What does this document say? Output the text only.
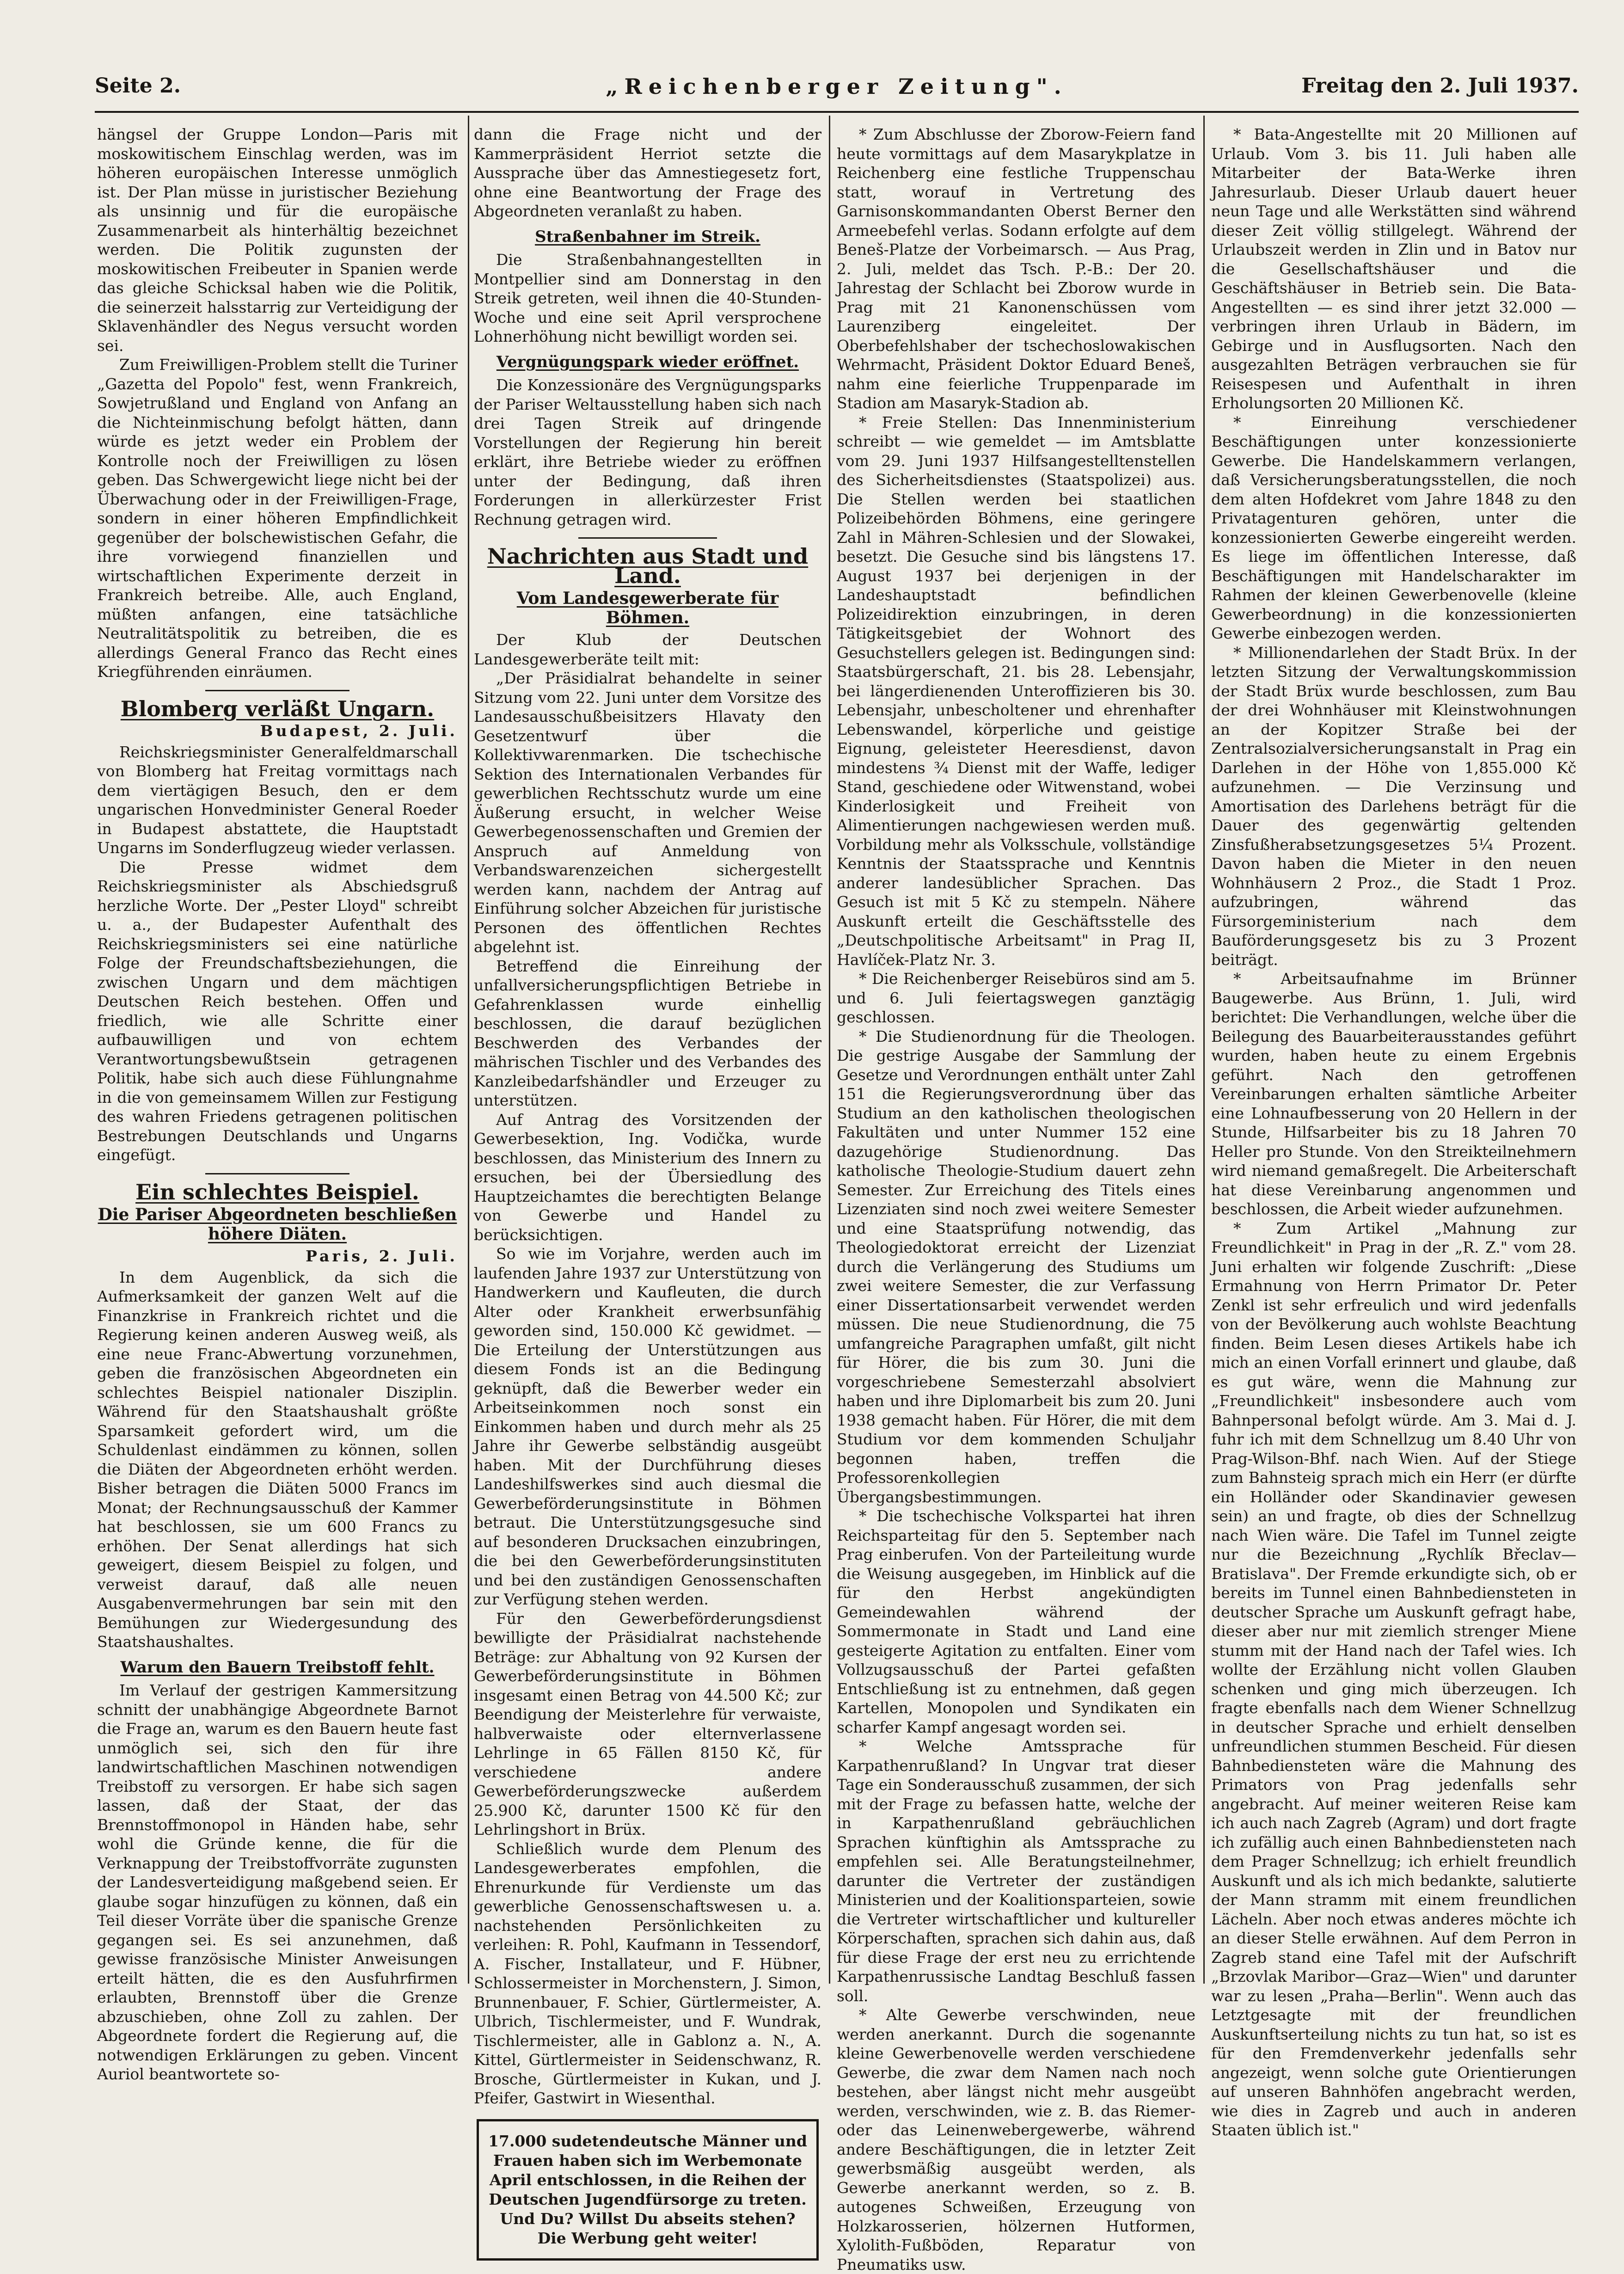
Seite 2.	„Reichenberger Zeitung".	Freitag den 2. Juli 1937.

hängsel der Gruppe London—Paris mit moskowitischem Einschlag werden, was im höheren europäischen Interesse unmöglich ist. Der Plan müsse in juristischer Beziehung als unsinnig und für die europäische Zusammenarbeit als hinterhältig bezeichnet werden. Die Politik zugunsten der moskowitischen Freibeuter in Spanien werde das gleiche Schicksal haben wie die Politik, die seinerzeit halsstarrig zur Verteidigung der Sklavenhändler des Negus versucht worden sei.

Zum Freiwilligen-Problem stellt die Turiner „Gazetta del Popolo" fest, wenn Frankreich, Sowjetrußland und England von Anfang an die Nichteinmischung befolgt hätten, dann würde es jetzt weder ein Problem der Kontrolle noch der Freiwilligen zu lösen geben. Das Schwergewicht liege nicht bei der Überwachung oder in der Freiwilligen-Frage, sondern in einer höheren Empfindlichkeit gegenüber der bolschewistischen Gefahr, die ihre vorwiegend finanziellen und wirtschaftlichen Experimente derzeit in Frankreich betreibe. Alle, auch England, müßten anfangen, eine tatsächliche Neutralitätspolitik zu betreiben, die es allerdings General Franco das Recht eines Kriegführenden einräumen.

Blomberg verläßt Ungarn.
Budapest, 2. Juli.

Reichskriegsminister Generalfeldmarschall von Blomberg hat Freitag vormittags nach dem viertägigen Besuch, den er dem ungarischen Honvedminister General Roeder in Budapest abstattete, die Hauptstadt Ungarns im Sonderflugzeug wieder verlassen.

Die Presse widmet dem Reichskriegsminister als Abschiedsgruß herzliche Worte. Der „Pester Lloyd" schreibt u. a., der Budapester Aufenthalt des Reichskriegsministers sei eine natürliche Folge der Freundschaftsbeziehungen, die zwischen Ungarn und dem mächtigen Deutschen Reich bestehen. Offen und friedlich, wie alle Schritte einer aufbauwilligen und von echtem Verantwortungsbewußtsein getragenen Politik, habe sich auch diese Fühlungnahme in die von gemeinsamem Willen zur Festigung des wahren Friedens getragenen politischen Bestrebungen Deutschlands und Ungarns eingefügt.

Ein schlechtes Beispiel.
Die Pariser Abgeordneten beschließen höhere Diäten.
Paris, 2. Juli.

In dem Augenblick, da sich die Aufmerksamkeit der ganzen Welt auf die Finanzkrise in Frankreich richtet und die Regierung keinen anderen Ausweg weiß, als eine neue Franc-Abwertung vorzunehmen, geben die französischen Abgeordneten ein schlechtes Beispiel nationaler Disziplin. Während für den Staatshaushalt größte Sparsamkeit gefordert wird, um die Schuldenlast eindämmen zu können, sollen die Diäten der Abgeordneten erhöht werden. Bisher betragen die Diäten 5000 Francs im Monat; der Rechnungsausschuß der Kammer hat beschlossen, sie um 600 Francs zu erhöhen. Der Senat allerdings hat sich geweigert, diesem Beispiel zu folgen, und verweist darauf, daß alle neuen Ausgabenvermehrungen bar sein mit den Bemühungen zur Wiedergesundung des Staatshaushaltes.

Warum den Bauern Treibstoff fehlt.

Im Verlauf der gestrigen Kammersitzung schnitt der unabhängige Abgeordnete Barnot die Frage an, warum es den Bauern heute fast unmöglich sei, sich den für ihre landwirtschaftlichen Maschinen notwendigen Treibstoff zu versorgen. Er habe sich sagen lassen, daß der Staat, der das Brennstoffmonopol in Händen habe, sehr wohl die Gründe kenne, die für die Verknappung der Treibstoffvorräte zugunsten der Landesverteidigung maßgebend seien. Er glaube sogar hinzufügen zu können, daß ein Teil dieser Vorräte über die spanische Grenze gegangen sei. Es sei anzunehmen, daß gewisse französische Minister Anweisungen erteilt hätten, die es den Ausfuhrfirmen erlaubten, Brennstoff über die Grenze abzuschieben, ohne Zoll zu zahlen. Der Abgeordnete fordert die Regierung auf, die notwendigen Erklärungen zu geben. Vincent Auriol beantwortete so-

dann die Frage nicht und der Kammerpräsident Herriot setzte die Aussprache über das Amnestiegesetz fort, ohne eine Beantwortung der Frage des Abgeordneten veranlaßt zu haben.

Straßenbahner im Streik.

Die Straßenbahnangestellten in Montpellier sind am Donnerstag in den Streik getreten, weil ihnen die 40-Stunden-Woche und eine seit April versprochene Lohnerhöhung nicht bewilligt worden sei.

Vergnügungspark wieder eröffnet.

Die Konzessionäre des Vergnügungsparks der Pariser Weltausstellung haben sich nach drei Tagen Streik auf dringende Vorstellungen der Regierung hin bereit erklärt, ihre Betriebe wieder zu eröffnen unter der Bedingung, daß ihren Forderungen in allerkürzester Frist Rechnung getragen wird.

Nachrichten aus Stadt und Land.
Vom Landesgewerberate für Böhmen.

Der Klub der Deutschen Landesgewerberäte teilt mit:

„Der Präsidialrat behandelte in seiner Sitzung vom 22. Juni unter dem Vorsitze des Landesausschußbeisitzers Hlavaty den Gesetzentwurf über die Kollektivwarenmarken. Die tschechische Sektion des Internationalen Verbandes für gewerblichen Rechtsschutz wurde um eine Äußerung ersucht, in welcher Weise Gewerbegenossenschaften und Gremien der Anspruch auf Anmeldung von Verbandswarenzeichen sichergestellt werden kann, nachdem der Antrag auf Einführung solcher Abzeichen für juristische Personen des öffentlichen Rechtes abgelehnt ist.

Betreffend die Einreihung der unfallversicherungspflichtigen Betriebe in Gefahrenklassen wurde einhellig beschlossen, die darauf bezüglichen Beschwerden des Verbandes der mährischen Tischler und des Verbandes des Kanzleibedarfshändler und Erzeuger zu unterstützen.

Auf Antrag des Vorsitzenden der Gewerbesektion, Ing. Vodička, wurde beschlossen, das Ministerium des Innern zu ersuchen, bei der Übersiedlung des Hauptzeichamtes die berechtigten Belange von Gewerbe und Handel zu berücksichtigen.

So wie im Vorjahre, werden auch im laufenden Jahre 1937 zur Unterstützung von Handwerkern und Kaufleuten, die durch Alter oder Krankheit erwerbsunfähig geworden sind, 150.000 Kč gewidmet. — Die Erteilung der Unterstützungen aus diesem Fonds ist an die Bedingung geknüpft, daß die Bewerber weder ein Arbeitseinkommen noch sonst ein Einkommen haben und durch mehr als 25 Jahre ihr Gewerbe selbständig ausgeübt haben. Mit der Durchführung dieses Landeshilfswerkes sind auch diesmal die Gewerbeförderungsinstitute in Böhmen betraut. Die Unterstützungsgesuche sind auf besonderen Drucksachen einzubringen, die bei den Gewerbeförderungsinstituten und bei den zuständigen Genossenschaften zur Verfügung stehen werden.

Für den Gewerbeförderungsdienst bewilligte der Präsidialrat nachstehende Beträge: zur Abhaltung von 92 Kursen der Gewerbeförderungsinstitute in Böhmen insgesamt einen Betrag von 44.500 Kč; zur Beendigung der Meisterlehre für verwaiste, halbverwaiste oder elternverlassene Lehrlinge in 65 Fällen 8150 Kč, für verschiedene andere Gewerbeförderungszwecke außerdem 25.900 Kč, darunter 1500 Kč für den Lehrlingshort in Brüx.

Schließlich wurde dem Plenum des Landesgewerberates empfohlen, die Ehrenurkunde für Verdienste um das gewerbliche Genossenschaftswesen u. a. nachstehenden Persönlichkeiten zu verleihen: R. Pohl, Kaufmann in Tessendorf, A. Fischer, Installateur, und F. Hübner, Schlossermeister in Morchenstern, J. Simon, Brunnenbauer, F. Schier, Gürtlermeister, A. Ulbrich, Tischlermeister, und F. Wundrak, Tischlermeister, alle in Gablonz a. N., A. Kittel, Gürtlermeister in Seidenschwanz, R. Brosche, Gürtlermeister in Kukan, und J. Pfeifer, Gastwirt in Wiesenthal.

17.000 sudetendeutsche Männer und Frauen haben sich im Werbemonate April entschlossen, in die Reihen der Deutschen Jugendfürsorge zu treten. Und Du? Willst Du abseits stehen? Die Werbung geht weiter!

* Zum Abschlusse der Zborow-Feiern fand heute vormittags auf dem Masarykplatze in Reichenberg eine festliche Truppenschau statt, worauf in Vertretung des Garnisonskommandanten Oberst Berner den Armeebefehl verlas. Sodann erfolgte auf dem Beneš-Platze der Vorbeimarsch. — Aus Prag, 2. Juli, meldet das Tsch. P.-B.: Der 20. Jahrestag der Schlacht bei Zborow wurde in Prag mit 21 Kanonenschüssen vom Laurenziberg eingeleitet. Der Oberbefehlshaber der tschechoslowakischen Wehrmacht, Präsident Doktor Eduard Beneš, nahm eine feierliche Truppenparade im Stadion am Masaryk-Stadion ab.

* Freie Stellen: Das Innenministerium schreibt — wie gemeldet — im Amtsblatte vom 29. Juni 1937 Hilfsangestelltenstellen des Sicherheitsdienstes (Staatspolizei) aus. Die Stellen werden bei staatlichen Polizeibehörden Böhmens, eine geringere Zahl in Mähren-Schlesien und der Slowakei, besetzt. Die Gesuche sind bis längstens 17. August 1937 bei derjenigen in der Landeshauptstadt befindlichen Polizeidirektion einzubringen, in deren Tätigkeitsgebiet der Wohnort des Gesuchstellers gelegen ist. Bedingungen sind: Staatsbürgerschaft, 21. bis 28. Lebensjahr, bei längerdienenden Unteroffizieren bis 30. Lebensjahr, unbescholtener und ehrenhafter Lebenswandel, körperliche und geistige Eignung, geleisteter Heeresdienst, davon mindestens ¾ Dienst mit der Waffe, lediger Stand, geschiedene oder Witwenstand, wobei Kinderlosigkeit und Freiheit von Alimentierungen nachgewiesen werden muß. Vorbildung mehr als Volksschule, vollständige Kenntnis der Staatssprache und Kenntnis anderer landesüblicher Sprachen. Das Gesuch ist mit 5 Kč zu stempeln. Nähere Auskunft erteilt die Geschäftsstelle des „Deutschpolitische Arbeitsamt" in Prag II, Havlíček-Platz Nr. 3.

* Die Reichenberger Reisebüros sind am 5. und 6. Juli feiertagswegen ganztägig geschlossen.

* Die Studienordnung für die Theologen. Die gestrige Ausgabe der Sammlung der Gesetze und Verordnungen enthält unter Zahl 151 die Regierungsverordnung über das Studium an den katholischen theologischen Fakultäten und unter Nummer 152 eine dazugehörige Studienordnung. Das katholische Theologie-Studium dauert zehn Semester. Zur Erreichung des Titels eines Lizenziaten sind noch zwei weitere Semester und eine Staatsprüfung notwendig, das Theologiedoktorat erreicht der Lizenziat durch die Verlängerung des Studiums um zwei weitere Semester, die zur Verfassung einer Dissertationsarbeit verwendet werden müssen. Die neue Studienordnung, die 75 umfangreiche Paragraphen umfaßt, gilt nicht für Hörer, die bis zum 30. Juni die vorgeschriebene Semesterzahl absolviert haben und ihre Diplomarbeit bis zum 20. Juni 1938 gemacht haben. Für Hörer, die mit dem Studium vor dem kommenden Schuljahr begonnen haben, treffen die Professorenkollegien Übergangsbestimmungen.

* Die tschechische Volkspartei hat ihren Reichsparteitag für den 5. September nach Prag einberufen. Von der Parteileitung wurde die Weisung ausgegeben, im Hinblick auf die für den Herbst angekündigten Gemeindewahlen während der Sommermonate in Stadt und Land eine gesteigerte Agitation zu entfalten. Einer vom Vollzugsausschuß der Partei gefaßten Entschließung ist zu entnehmen, daß gegen Kartellen, Monopolen und Syndikaten ein scharfer Kampf angesagt worden sei.

* Welche Amtssprache für Karpathenrußland? In Ungvar trat dieser Tage ein Sonderausschuß zusammen, der sich mit der Frage zu befassen hatte, welche der in Karpathenrußland gebräuchlichen Sprachen künftighin als Amtssprache zu empfehlen sei. Alle Beratungsteilnehmer, darunter die Vertreter der zuständigen Ministerien und der Koalitionsparteien, sowie die Vertreter wirtschaftlicher und kultureller Körperschaften, sprachen sich dahin aus, daß für diese Frage der erst neu zu errichtende Karpathenrussische Landtag Beschluß fassen soll.

* Alte Gewerbe verschwinden, neue werden anerkannt. Durch die sogenannte kleine Gewerbenovelle werden verschiedene Gewerbe, die zwar dem Namen nach noch bestehen, aber längst nicht mehr ausgeübt werden, verschwinden, wie z. B. das Riemer- oder das Leinenwebergewerbe, während andere Beschäftigungen, die in letzter Zeit gewerbsmäßig ausgeübt werden, als Gewerbe anerkannt werden, so z. B. autogenes Schweißen, Erzeugung von Holzkarosserien, hölzernen Hutformen, Xylolith-Fußböden, Reparatur von Pneumatiks usw.

* Bata-Angestellte mit 20 Millionen auf Urlaub. Vom 3. bis 11. Juli haben alle Mitarbeiter der Bata-Werke ihren Jahresurlaub. Dieser Urlaub dauert heuer neun Tage und alle Werkstätten sind während dieser Zeit völlig stillgelegt. Während der Urlaubszeit werden in Zlin und in Batov nur die Gesellschaftshäuser und die Geschäftshäuser in Betrieb sein. Die Bata-Angestellten — es sind ihrer jetzt 32.000 — verbringen ihren Urlaub in Bädern, im Gebirge und in Ausflugsorten. Nach den ausgezahlten Beträgen verbrauchen sie für Reisespesen und Aufenthalt in ihren Erholungsorten 20 Millionen Kč.

* Einreihung verschiedener Beschäftigungen unter konzessionierte Gewerbe. Die Handelskammern verlangen, daß Versicherungsberatungsstellen, die noch dem alten Hofdekret vom Jahre 1848 zu den Privatagenturen gehören, unter die konzessionierten Gewerbe eingereiht werden. Es liege im öffentlichen Interesse, daß Beschäftigungen mit Handelscharakter im Rahmen der kleinen Gewerbenovelle (kleine Gewerbeordnung) in die konzessionierten Gewerbe einbezogen werden.

* Millionendarlehen der Stadt Brüx. In der letzten Sitzung der Verwaltungskommission der Stadt Brüx wurde beschlossen, zum Bau der drei Wohnhäuser mit Kleinstwohnungen an der Kopitzer Straße bei der Zentralsozialversicherungsanstalt in Prag ein Darlehen in der Höhe von 1,855.000 Kč aufzunehmen. — Die Verzinsung und Amortisation des Darlehens beträgt für die Dauer des gegenwärtig geltenden Zinsfußherabsetzungsgesetzes 5¼ Prozent. Davon haben die Mieter in den neuen Wohnhäusern 2 Proz., die Stadt 1 Proz. aufzubringen, während das Fürsorgeministerium nach dem Bauförderungsgesetz bis zu 3 Prozent beiträgt.

* Arbeitsaufnahme im Brünner Baugewerbe. Aus Brünn, 1. Juli, wird berichtet: Die Verhandlungen, welche über die Beilegung des Bauarbeiterausstandes geführt wurden, haben heute zu einem Ergebnis geführt. Nach den getroffenen Vereinbarungen erhalten sämtliche Arbeiter eine Lohnaufbesserung von 20 Hellern in der Stunde, Hilfsarbeiter bis zu 18 Jahren 70 Heller pro Stunde. Von den Streikteilnehmern wird niemand gemaßregelt. Die Arbeiterschaft hat diese Vereinbarung angenommen und beschlossen, die Arbeit wieder aufzunehmen.

* Zum Artikel „Mahnung zur Freundlichkeit" in Prag in der „R. Z." vom 28. Juni erhalten wir folgende Zuschrift: „Diese Ermahnung von Herrn Primator Dr. Peter Zenkl ist sehr erfreulich und wird jedenfalls von der Bevölkerung auch wohlste Beachtung finden. Beim Lesen dieses Artikels habe ich mich an einen Vorfall erinnert und glaube, daß es gut wäre, wenn die Mahnung zur „Freundlichkeit" insbesondere auch vom Bahnpersonal befolgt würde. Am 3. Mai d. J. fuhr ich mit dem Schnellzug um 8.40 Uhr von Prag-Wilson-Bhf. nach Wien. Auf der Stiege zum Bahnsteig sprach mich ein Herr (er dürfte ein Holländer oder Skandinavier gewesen sein) an und fragte, ob dies der Schnellzug nach Wien wäre. Die Tafel im Tunnel zeigte nur die Bezeichnung „Rychlík Břeclav—Bratislava". Der Fremde erkundigte sich, ob er bereits im Tunnel einen Bahnbediensteten in deutscher Sprache um Auskunft gefragt habe, dieser aber nur mit ziemlich strenger Miene stumm mit der Hand nach der Tafel wies. Ich wollte der Erzählung nicht vollen Glauben schenken und ging mich überzeugen. Ich fragte ebenfalls nach dem Wiener Schnellzug in deutscher Sprache und erhielt denselben unfreundlichen stummen Bescheid. Für diesen Bahnbediensteten wäre die Mahnung des Primators von Prag jedenfalls sehr angebracht. Auf meiner weiteren Reise kam ich auch nach Zagreb (Agram) und dort fragte ich zufällig auch einen Bahnbediensteten nach dem Prager Schnellzug; ich erhielt freundlich Auskunft und als ich mich bedankte, salutierte der Mann stramm mit einem freundlichen Lächeln. Aber noch etwas anderes möchte ich an dieser Stelle erwähnen. Auf dem Perron in Zagreb stand eine Tafel mit der Aufschrift „Brzovlak Maribor—Graz—Wien" und darunter war zu lesen „Praha—Berlin". Wenn auch das Letztgesagte mit der freundlichen Auskunftserteilung nichts zu tun hat, so ist es für den Fremdenverkehr jedenfalls sehr angezeigt, wenn solche gute Orientierungen auf unseren Bahnhöfen angebracht werden, wie dies in Zagreb und auch in anderen Staaten üblich ist."
